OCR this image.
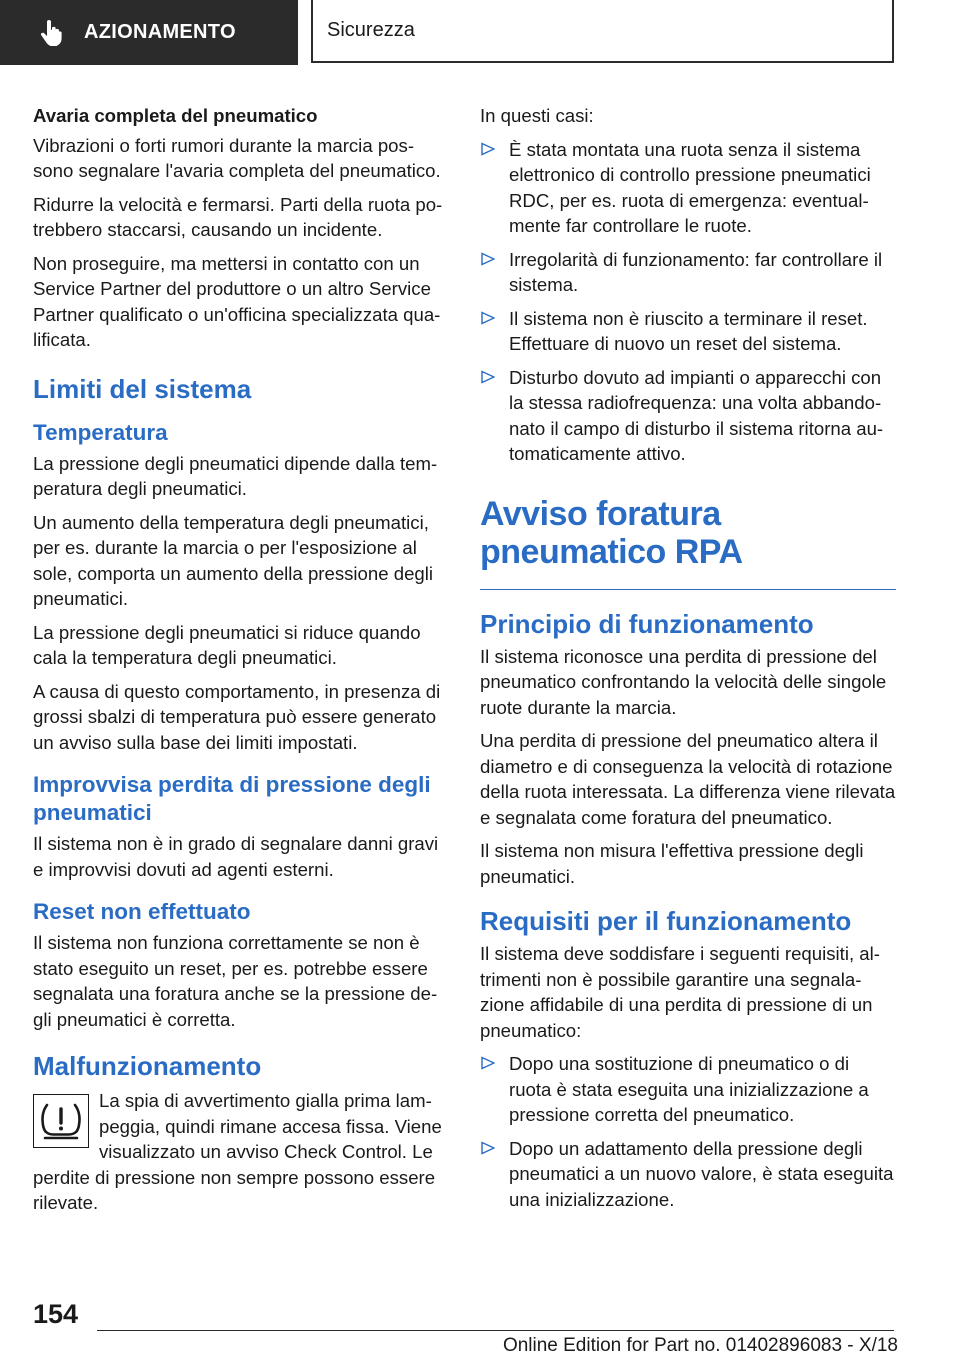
AZIONAMENTO	Sicurezza
Avaria completa del pneumatico

Vibrazioni o forti rumori durante la marcia possono segnalare l'avaria completa del pneumatico.

Ridurre la velocità e fermarsi. Parti della ruota potrebbero staccarsi, causando un incidente.

Non proseguire, ma mettersi in contatto con un Service Partner del produttore o un altro Service Partner qualificato o un'officina specializzata qualificata.

Limiti del sistema
Temperatura

La pressione degli pneumatici dipende dalla temperatura degli pneumatici.

Un aumento della temperatura degli pneumatici, per es. durante la marcia o per l'esposizione al sole, comporta un aumento della pressione degli pneumatici.

La pressione degli pneumatici si riduce quando cala la temperatura degli pneumatici.

A causa di questo comportamento, in presenza di grossi sbalzi di temperatura può essere generato un avviso sulla base dei limiti impostati.

Improvvisa perdita di pressione degli pneumatici

Il sistema non è in grado di segnalare danni gravi e improvvisi dovuti ad agenti esterni.

Reset non effettuato

Il sistema non funziona correttamente se non è stato eseguito un reset, per es. potrebbe essere segnalata una foratura anche se la pressione degli pneumatici è corretta.

Malfunzionamento

La spia di avvertimento gialla prima lampeggia, quindi rimane accesa fissa. Viene visualizzato un avviso Check Control. Le perdite di pressione non sempre possono essere rilevate.

In questi casi:

È stata montata una ruota senza il sistema elettronico di controllo pressione pneumatici RDC, per es. ruota di emergenza: eventualmente far controllare le ruote.
Irregolarità di funzionamento: far controllare il sistema.
Il sistema non è riuscito a terminare il reset. Effettuare di nuovo un reset del sistema.
Disturbo dovuto ad impianti o apparecchi con la stessa radiofrequenza: una volta abbandonato il campo di disturbo il sistema ritorna automaticamente attivo.
Avviso foratura pneumatico RPA
Principio di funzionamento

Il sistema riconosce una perdita di pressione del pneumatico confrontando la velocità delle singole ruote durante la marcia.

Una perdita di pressione del pneumatico altera il diametro e di conseguenza la velocità di rotazione della ruota interessata. La differenza viene rilevata e segnalata come foratura del pneumatico.

Il sistema non misura l'effettiva pressione degli pneumatici.

Requisiti per il funzionamento

Il sistema deve soddisfare i seguenti requisiti, altrimenti non è possibile garantire una segnalazione affidabile di una perdita di pressione di un pneumatico:

Dopo una sostituzione di pneumatico o di ruota è stata eseguita una inizializzazione a pressione corretta del pneumatico.
Dopo un adattamento della pressione degli pneumatici a un nuovo valore, è stata eseguita una inizializzazione.
154
Online Edition for Part no. 01402896083 - X/18
